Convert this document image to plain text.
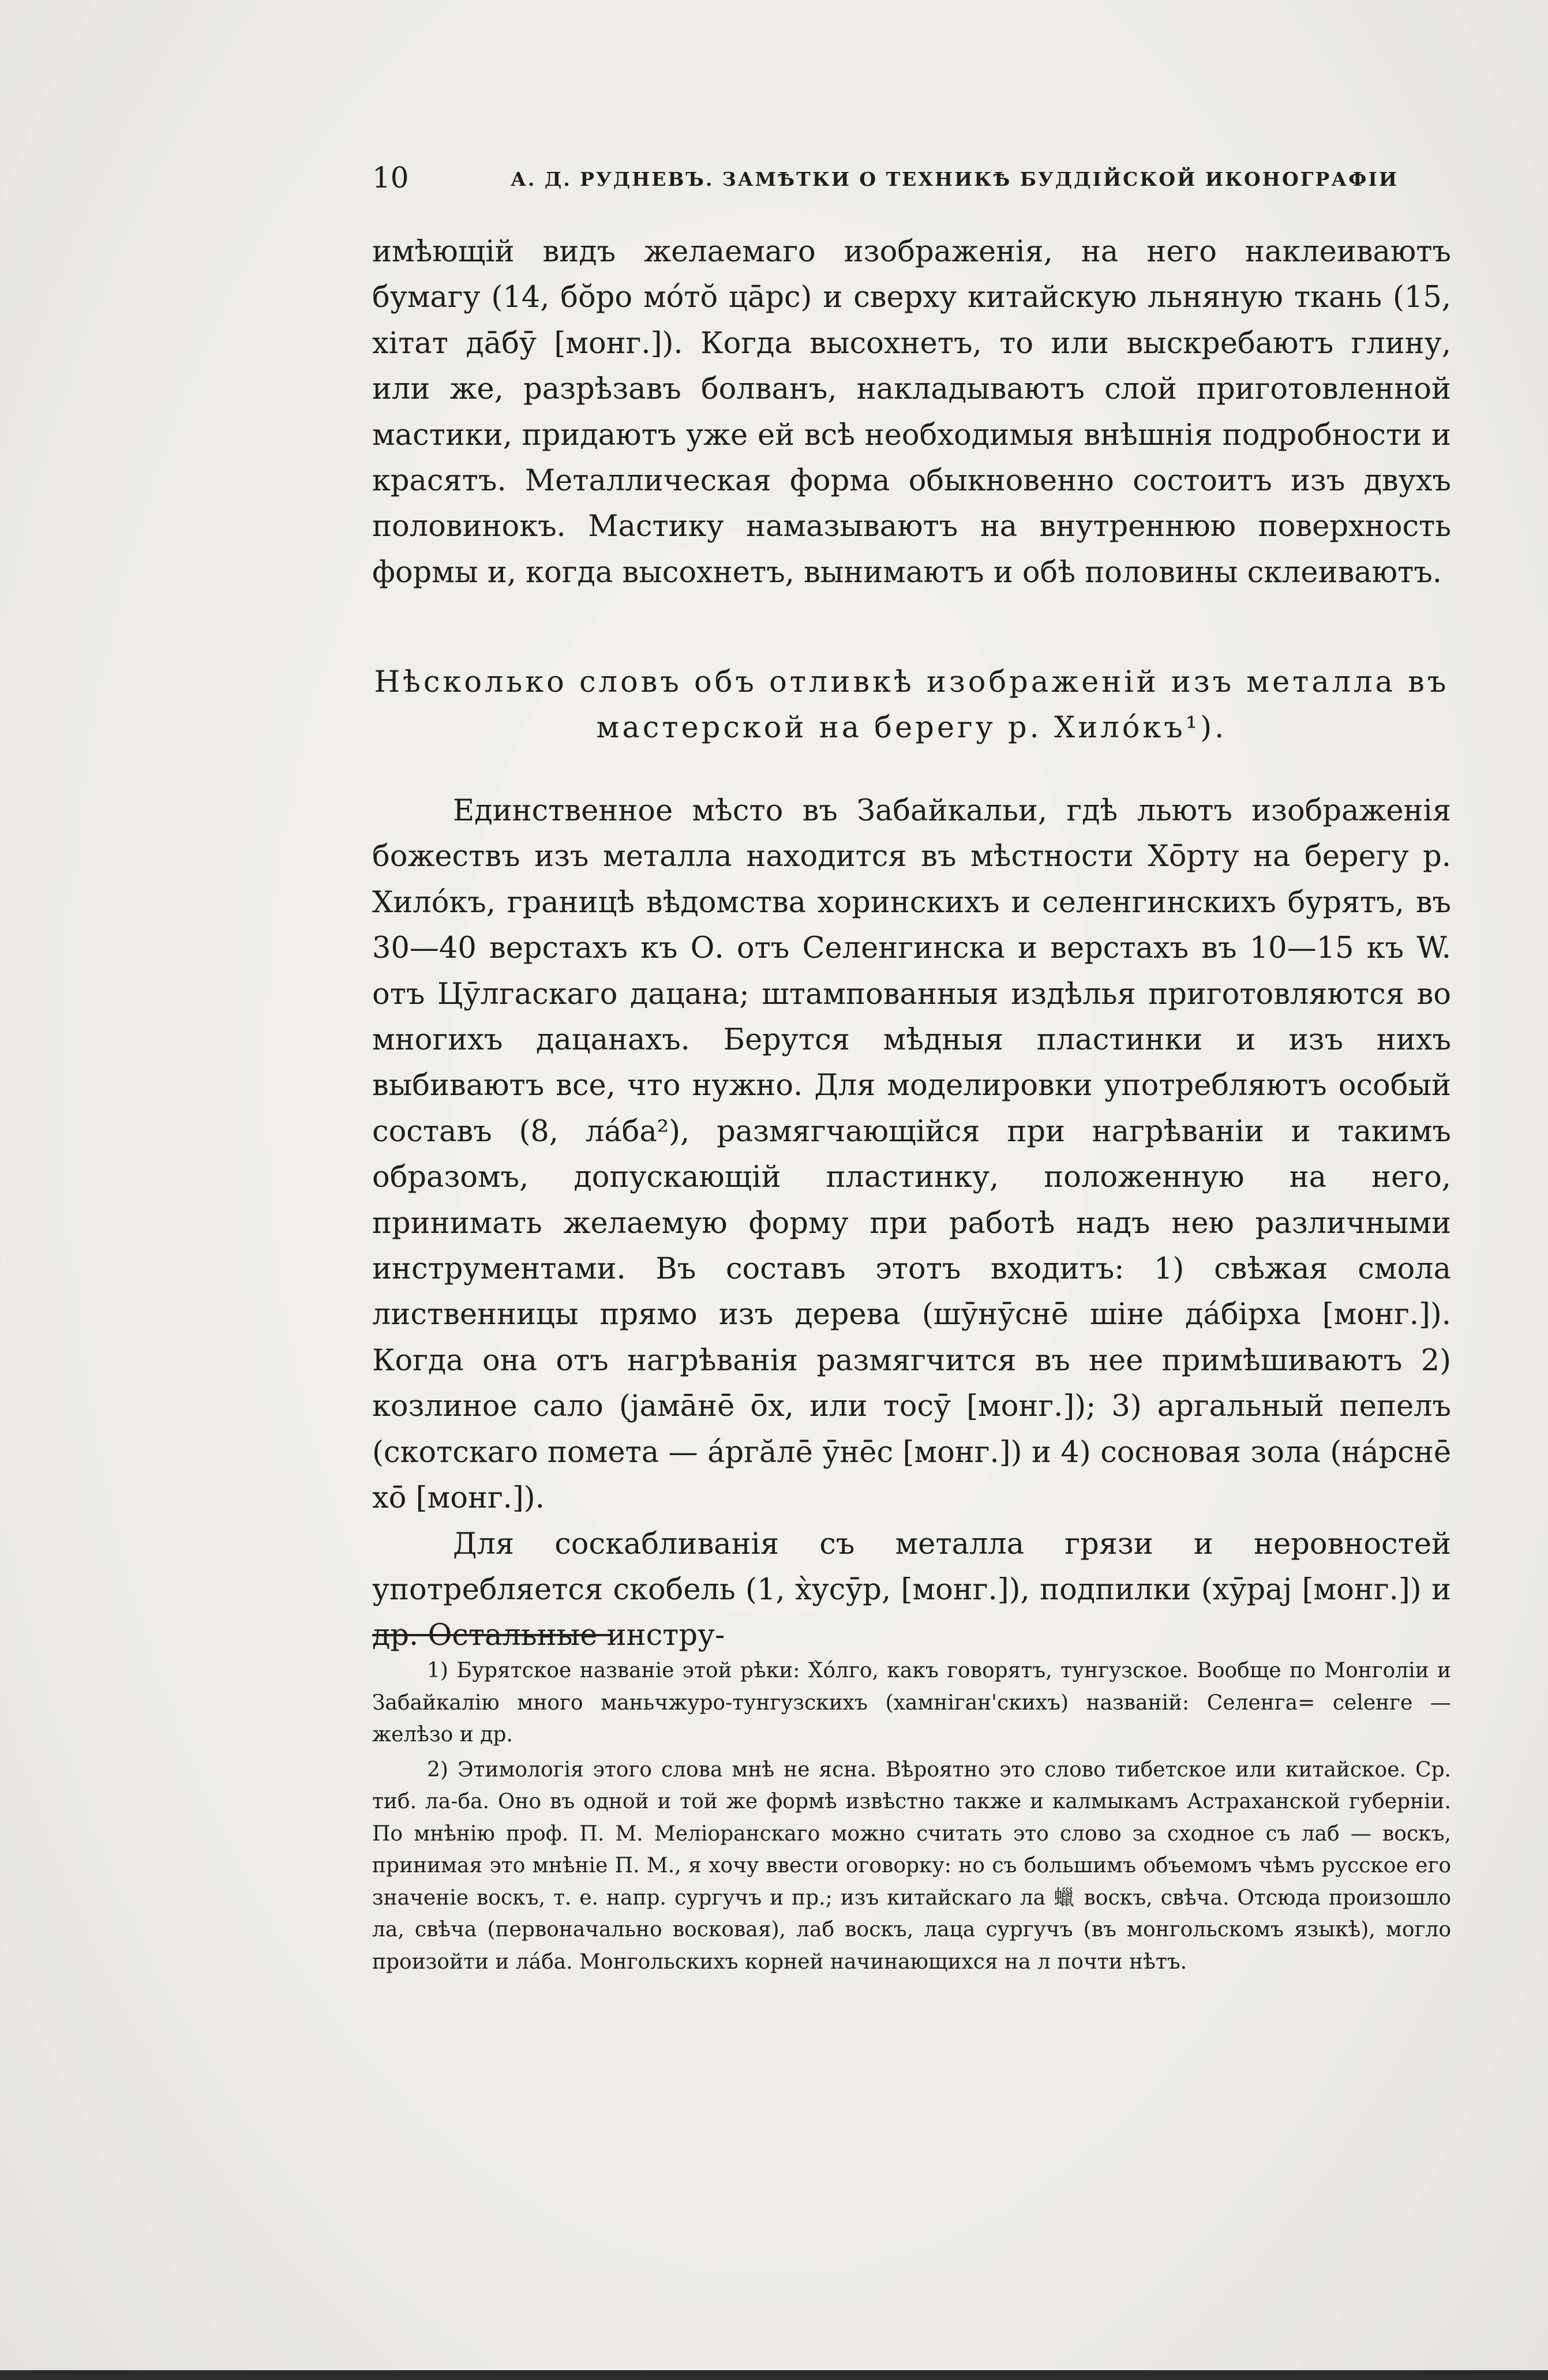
10	А. Д. РУДНЕВЪ. ЗАМѢТКИ О ТЕХНИКѢ БУДДІЙСКОЙ ИКОНОГРАФІИ

имѣющій видъ желаемаго изображенія, на него наклеиваютъ бумагу (14, бо̆ро мо́то̆ ца̄рс) и сверху китайскую льняную ткань (15, хітат да̄бӯ [монг.]). Когда высохнетъ, то или выскребаютъ глину, или же, разрѣзавъ болванъ, накладываютъ слой приготовленной мастики, придаютъ уже ей всѣ необходимыя внѣшнія подробности и красятъ. Металлическая форма обыкновенно состоитъ изъ двухъ половинокъ. Мастику намазываютъ на внутреннюю поверхность формы и, когда высохнетъ, вынимаютъ и обѣ половины склеиваютъ.

Нѣсколько словъ объ отливкѣ изображеній изъ металла въ мастерской на берегу р. Хило́къ¹).

Единственное мѣсто въ Забайкальи, гдѣ льютъ изображенія божествъ изъ металла находится въ мѣстности Хо̄рту на берегу р. Хило́къ, границѣ вѣдомства хоринскихъ и селенгинскихъ бурятъ, въ 30—40 верстахъ къ О. отъ Селенгинска и верстахъ въ 10—15 къ W. отъ Цӯлгаскаго дацана; штампованныя издѣлья приготовляются во многихъ дацанахъ. Берутся мѣдныя пластинки и изъ нихъ выбиваютъ все, что нужно. Для моделировки употребляютъ особый составъ (8, ла́ба²), размягчающійся при нагрѣваніи и такимъ образомъ, допускающій пластинку, положенную на него, принимать желаемую форму при работѣ надъ нею различными инструментами. Въ составъ этотъ входитъ: 1) свѣжая смола лиственницы прямо изъ дерева (шӯнӯснē шіне да́бірха [монг.]). Когда она отъ нагрѣванія размягчится въ нее примѣшиваютъ 2) козлиное сало (јама̄нē о̄х, или тосӯ [монг.]); 3) аргальный пепелъ (скотскаго помета — а́ргӑлē ӯнēс [монг.]) и 4) сосновая зола (на́рснē хо̄ [монг.]).

Для соскабливанія съ металла грязи и неровностей употребляется скобель (1, х̀усӯр, [монг.]), подпилки (хӯрај [монг.]) и др. Остальные инстру-

1) Бурятское названіе этой рѣки: Х̀о́лго, какъ говорятъ, тунгузское. Вообще по Монголіи и Забайкалію много маньчжуро-тунгузскихъ (хамніган'скихъ) названій: Селенга= сеlенге — желѣзо и др.

2) Этимологія этого слова мнѣ не ясна. Вѣроятно это слово тибетское или китайское. Ср. тиб. ла-ба. Оно въ одной и той же формѣ извѣстно также и калмыкамъ Астраханской губерніи. По мнѣнію проф. П. М. Меліоранскаго можно считать это слово за сходное съ лаб — воскъ, принимая это мнѣніе П. М., я хочу ввести оговорку: но съ большимъ объемомъ чѣмъ русское его значеніе воскъ, т. е. напр. сургучъ и пр.; изъ китайскаго ла 蠟 воскъ, свѣча. Отсюда произошло ла, свѣча (первоначально восковая), лаб воскъ, лаца сургучъ (въ монгольскомъ языкѣ), могло произойти и ла́ба. Монгольскихъ корней начинающихся на л почти нѣтъ.
